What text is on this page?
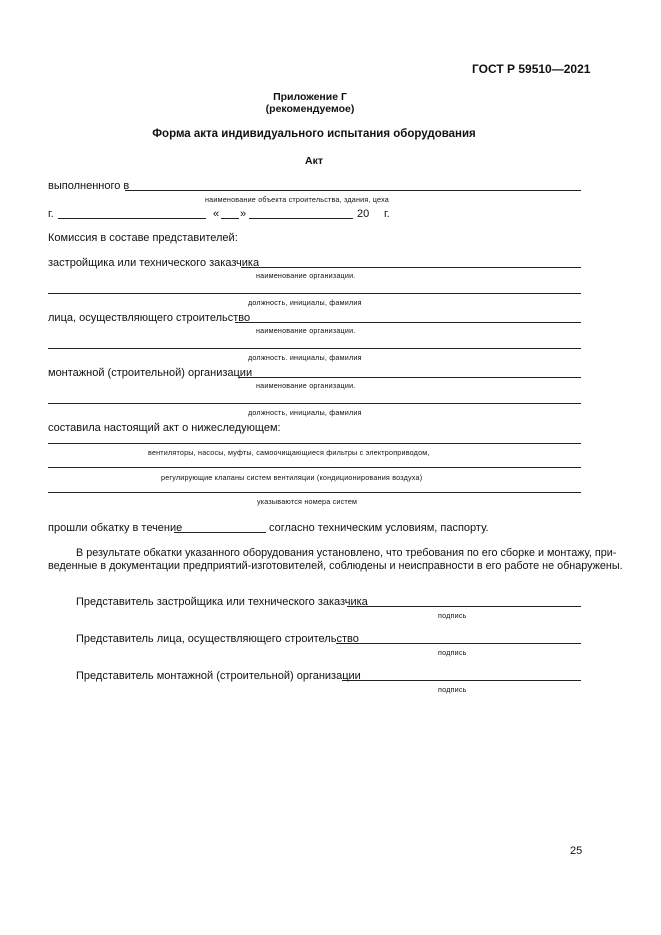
ГОСТ Р 59510—2021
Приложение Г
(рекомендуемое)
Форма акта индивидуального испытания оборудования
Акт
выполненного в
наименование объекта строительства, здания, цеха
г.	« »	20 г.
Комиссия в составе представителей:
застройщика или технического заказчика
наименование организации.
должность, инициалы, фамилия
лица, осуществляющего строительство
наименование организации.
должность. инициалы, фамилия
монтажной (строительной) организации
наименование организации.
должность, инициалы, фамилия
составила настоящий акт о нижеследующем:
вентиляторы, насосы, муфты, самоочищающиеся фильтры с электроприводом,
регулирующие клапаны систем вентиляции (кондиционирования воздуха)
указываются номера систем
прошли обкатку в течение	согласно техническим условиям, паспорту.
В результате обкатки указанного оборудования установлено, что требования по его сборке и монтажу, при-
веденные в документации предприятий-изготовителей, соблюдены и неисправности в его работе не обнаружены.
Представитель застройщика или технического заказчика
подпись
Представитель лица, осуществляющего строительство
подпись
Представитель монтажной (строительной) организации
подпись
25
